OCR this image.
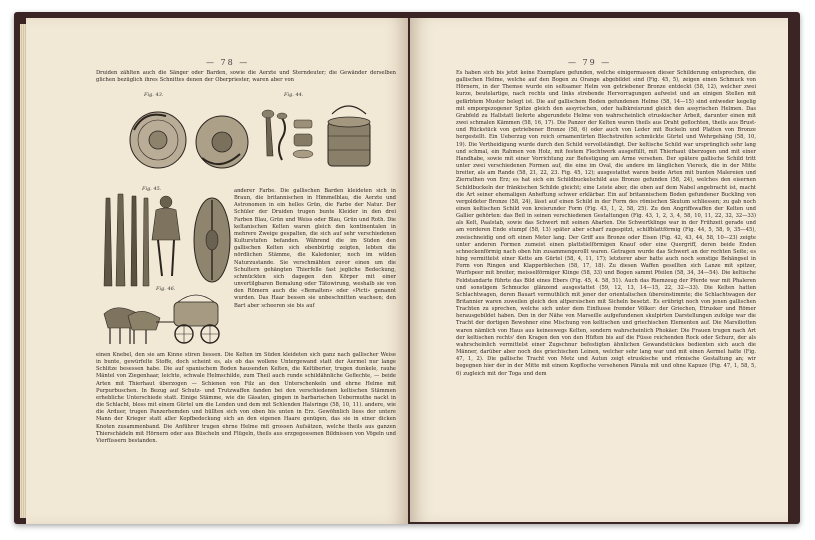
— 78 —
Druiden zählten auch die Sänger oder Barden, sowie die Aerzte und Sterndeuter; die Gewänder derselben glichen bezüglich ihres Schnittes denen der Oberpriester, waren aber von
Fig. 43.	Fig. 44.
Fig. 45.
Fig. 46.
anderer Farbe. Die gallischen Barden kleideten sich in Braun, die britannischen in Himmelblau, die Aerzte und Astronomen in ein helles Grün, die Farbe der Natur. Der Schüler der Druiden trugen bunte Kleider in den drei Farben Blau, Grün und Weiss oder Blau, Grün und Roth. Die keltanischen Kelten waren gleich den kontinentalen in mehrere Zweige gespalten, die sich auf sehr verschiedenen Kulturstufen befanden. Während die im Süden den gallischen Kelten sich ebenbürtig zeigten, lebten die nördlichen Stämme, die Kaledonier, noch im wilden Naturzustande. Sie verschmähten zuvor einen um die Schultern gehängten Thierfelle fast jegliche Bedeckung, schmückten sich dagegen den Körper mit einer unvertilgbaren Bemalung oder Tätowirung, weshalb sie von den Römern auch die «Bemalten» oder «Picti» genannt wurden. Das Haar bessen sie unbeschnitten wachsen; den Bart aber scheeren sie bis auf
einen Knebel, den sie am Kinne stiren liessen. Die Kelten im Süden kleideten sich ganz nach gallischer Weise in bunte, gewürfelte Stoffe, doch scheint es, als ob das wollene Untergewand statt der Aermel nur lange Schlitze besessen habe. Die auf spanischem Boden hausenden Kelten, die Keltiberier, trugen dunkele, rauhe Mäntel von Ziegenhaar, leichte, schwale Helmschilde, zum Theil auch runde schildähnliche Geflechte, — beide Arten mit Thierhaut überzogen — Schienen von Filz an den Unterschenkeln und ehrne Helme mit Purpurbuschen. In Bezug auf Schutz- und Trutzwaffen fanden bei den verschiedenen keltischen Stämmen erhebliche Unterschiede statt. Einige Stämme, wie die Gäsaten, gingen in barbarischen Uebermuthe nackt in die Schlacht, bloss mit einem Gürtel um die Lenden und dem mit Schlenden Halsringe (58, 10, 11). andere, wie die Arduer, trugen Panzerhemden und hüllten sich von oben bis unten in Erz. Gewöhnlich liess der untere Mann der Krieger statt aller Kopfbedeckung sich an den eigenen Haare genügen, das sie in einer dicken Knoten zusammenband. Die Anführer trugen ehrne Helme mit grossen Aufsätzen, welche theils aus ganzen Thierschädeln mit Hörnern oder aus Büscheln und Flügeln, theils aus erzgegossenen Bildnissen von Vögeln und Vierfüssern bestanden.
— 79 —
Es haben sich bis jetzt keine Exemplare gefunden, welche einigermassen dieser Schilderung entsprechen, die gallischen Helme, welche auf den Bogen zu Orange abgebildet sind (Fig. 45, 5), zeigen einen Schmuck von Hörnern, in der Themse wurde ein seltsamer Helm von getriebener Bronze entdeckt (58, 12), welcher zwei kurze, beutelartige, nach rechts und links strebende Hervorragungen aufweist und an einigen Stellen mit gefärbtem Muster belegt ist. Die auf gallischem Boden gefundenen Helme (58, 14—15) sind entweder kegelig mit emporgezogener Spitze gleich den assyrischen, oder halbkreisrund gleich den assyrischen Helmen. Das Grabfeld zu Hallstatt lieferte abgerundete Helme von wahrscheinlich etruskischer Arbeit, darunter einen mit zwei schmalen Kämmen (58, 16, 17). Die Panzer der Kelten waren theils aus Draht geflochten, theils aus Brust- und Rückstück von getriebener Bronze (58, 6) oder auch von Leder mit Buckeln und Platten von Bronze hergestellt. Ein Ueberzug von reich ornamentirten Blechstreifen schmückte Gürtel und Wehrgehäng (58, 10, 19). Die Vertheidigung wurde durch den Schild vervollständigt. Der keltische Schild war ursprünglich sehr lang und schmal, ein Rahmen von Holz, mit festem Flechtwerk ausgefüllt, mit Thierhaut überzogen und mit einer Handhabe, sowie mit einer Vorrichtung zur Befestigung am Arme versehen. Der spätere gallische Schild tritt unter zwei verschiedenen Formen auf, die eine im Oval, die andere im länglichen Viereck, die in der Mitte breiter, als am Rande (58, 21, 22, 23. Fig. 45, 12); ausgestattet waren beide Arten mit bunten Malereien und Zierrathen von Erz; es hat sich ein Schildbuckelschild aus Bronze gefunden (58, 24), welches den eisernen Schildbuckeln der fränkischen Schilde gleicht; eine Leiste aber, die oben auf dem Nabel angebracht ist, macht die Art seiner ehemaligen Anheftung schwer erklärbar. Ein auf britannischem Boden gefundener Buckling von vergoldeter Bronze (58, 24), lässt auf einen Schild in der Form des römischen Skutum schliessen; zu gab noch einen keltischen Schild von kreisrunder Form (Fig. 43, 1, 2, 58, 25). Zu den Angriffswaffen der Kelten und Gallier gehörten: das Beil in seinen verschiedenen Gestaltungen (Fig. 43, 1, 2, 3, 4, 58, 10, 11, 22, 32, 32—33) als Kelt, Paalstab, sowie das Schwert mit seinen Abarten. Die Schwertklinge war in der Frühzeit gerade und am vorderen Ende stumpf (58, 13) später aber scharf zugespitzt, schilfblattförmig (Fig. 44, 5, 58, 9, 35—45), zweischneidig und oft einen Meter lang. Der Griff aus Bronze oder Eisen (Fig. 42, 43, 44, 58, 10—23) zeigte unter anderen Formen zumeist einen plattstielförmigen Knauf oder eine Quergriff, deren beide Enden schneckenförmig nach oben hin zusammengerollt waren. Getragen wurde das Schwert an der rechten Seite; es hing vermittelst einer Kette am Gürtel (58, 4, 11, 17); letzterer aber hatte auch noch sonstige Behängsel in Form von Ringen und Klapperblechen (58, 17, 18). Zu diesen Waffen gesellten sich Lanze mit spitzer, Wurfspeer mit breiter, meisselförmiger Klinge (58, 33) und Bogen sammt Pfeilen (58, 34, 34—54). Die keltische Feldstandarte führte das Bild eines Ebers (Fig. 45, 4. 58, 51). Auch das Riemzeug der Pferde war mit Phaleren und sonstigem Schmucke glänzend ausgestattet (59, 12, 13, 14—15, 22, 32—33). Die Kelten hatten Schlachtwagen, deren Bauart vermuthlich mit jener der orientalischen übereinstimmte; die Schlachtwagen der Britannier waren zuweilen gleich den altpersischen mit Sicheln besetzt. Es erübrigt noch von jenen gallischen Trachten zu sprechen, welche sich unter dem Einflusse fremder Völker: der Griechen, Etrusker und Römer herausgebildet haben. Den in der Nähe von Marseille aufgefundenen skulpirten Darstellungen zufolge war die Tracht der dortigen Bewohner eine Mischung von keltischen und griechischen Elementen auf. Die Marsiliotten waren nämlich von Haus aus keineswegs Kelten, sondern wahrscheinlich Phokäer. Die Frauen trugen nach Art der keltischen rechts' den Kragen den von den Hüften bis auf die Füsse reichenden Rock oder Schurz, der als wahrscheinlich vermittelst einer Zugschnur befestigten ähnlichen Gewandstückes bedienten sich auch die Männer, darüber aber noch des griechischen Leinen, welcher sehr lang war und mit einen Aermel hatte (Fig. 47, 1, 2). Die gallische Tracht von Metz und Autun zeigt etruskische und römische Gestaltung an; wir begegnen hier der in der Mitte mit einem Kopfloche versehenen Pänula mit und ohne Kapuze (Fig. 47, 1, 58, 5, 6) zugleich mit der Toga und dem
